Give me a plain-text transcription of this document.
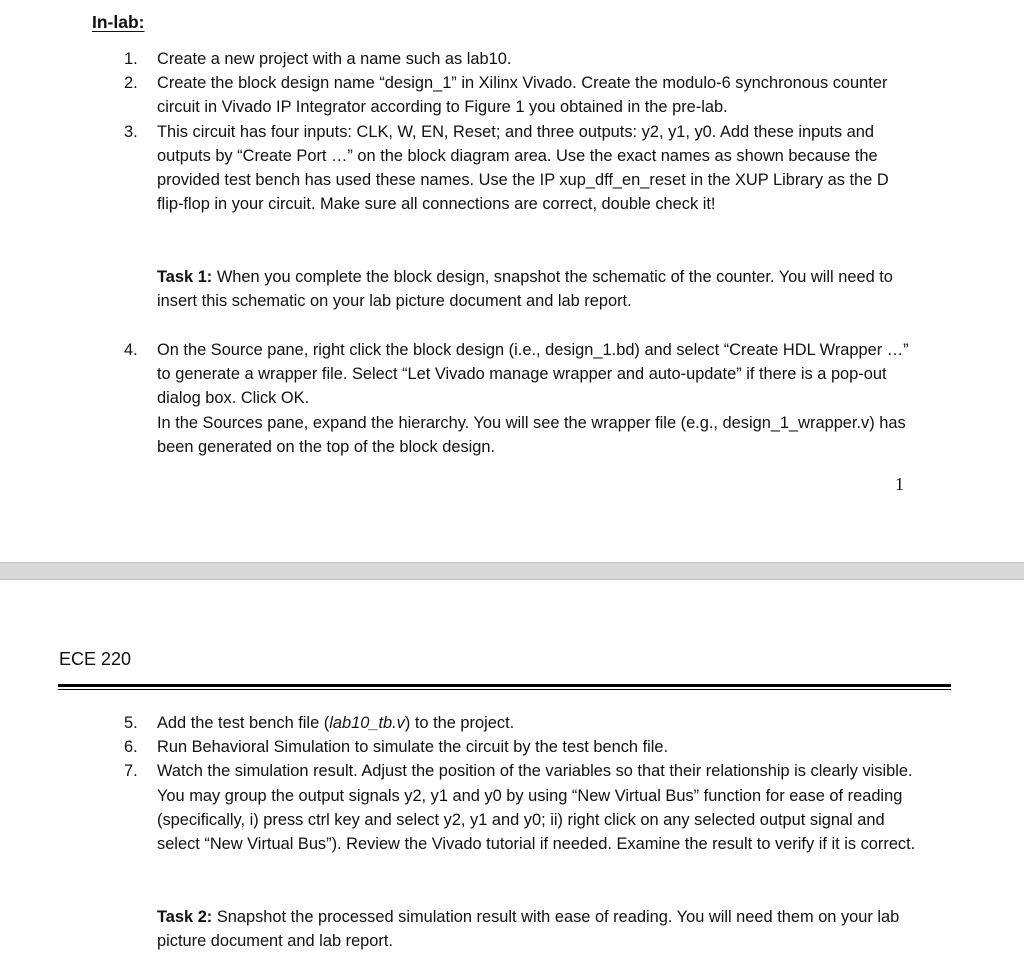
In-lab:
1. Create a new project with a name such as lab10.
2. Create the block design name “design_1” in Xilinx Vivado. Create the modulo-6 synchronous counter circuit in Vivado IP Integrator according to Figure 1 you obtained in the pre-lab.
3. This circuit has four inputs: CLK, W, EN, Reset; and three outputs: y2, y1, y0. Add these inputs and outputs by “Create Port …” on the block diagram area. Use the exact names as shown because the provided test bench has used these names. Use the IP xup_dff_en_reset in the XUP Library as the D flip-flop in your circuit. Make sure all connections are correct, double check it!

Task 1: When you complete the block design, snapshot the schematic of the counter. You will need to insert this schematic on your lab picture document and lab report.

4. On the Source pane, right click the block design (i.e., design_1.bd) and select “Create HDL Wrapper …” to generate a wrapper file. Select “Let Vivado manage wrapper and auto-update” if there is a pop-out dialog box. Click OK.
In the Sources pane, expand the hierarchy. You will see the wrapper file (e.g., design_1_wrapper.v) has been generated on the top of the block design.
1
ECE 220
5. Add the test bench file (lab10_tb.v) to the project.
6. Run Behavioral Simulation to simulate the circuit by the test bench file.
7. Watch the simulation result. Adjust the position of the variables so that their relationship is clearly visible. You may group the output signals y2, y1 and y0 by using “New Virtual Bus” function for ease of reading (specifically, i) press ctrl key and select y2, y1 and y0; ii) right click on any selected output signal and select “New Virtual Bus”). Review the Vivado tutorial if needed. Examine the result to verify if it is correct.

Task 2: Snapshot the processed simulation result with ease of reading. You will need them on your lab picture document and lab report.
